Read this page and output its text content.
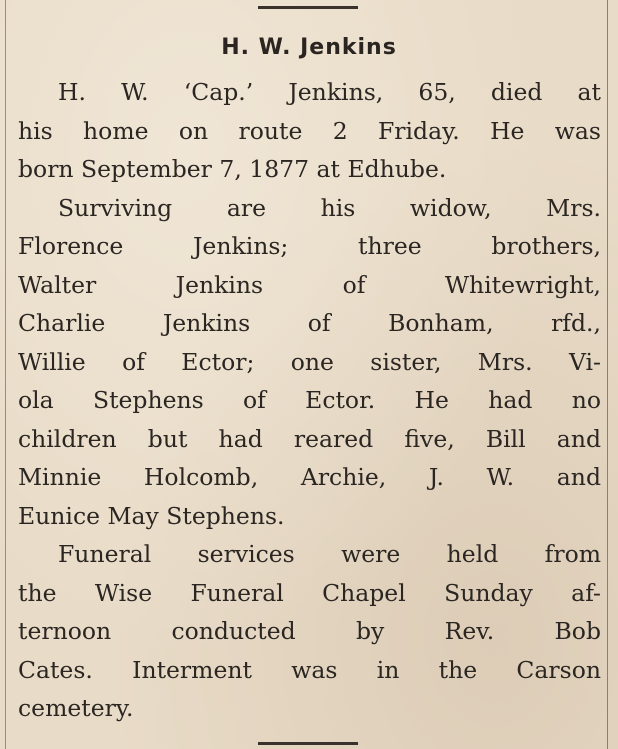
H. W. Jenkins
H. W. ‘Cap.’ Jenkins, 65, died at
his home on route 2 Friday. He was
born September 7, 1877 at Edhube.
Surviving are his widow, Mrs.
Florence Jenkins; three brothers,
Walter Jenkins of Whitewright,
Charlie Jenkins of Bonham, rfd.,
Willie of Ector; one sister, Mrs. Vi-
ola Stephens of Ector. He had no
children but had reared five, Bill and
Minnie Holcomb, Archie, J. W. and
Eunice May Stephens.
Funeral services were held from
the Wise Funeral Chapel Sunday af-
ternoon conducted by Rev. Bob
Cates. Interment was in the Carson
cemetery.
